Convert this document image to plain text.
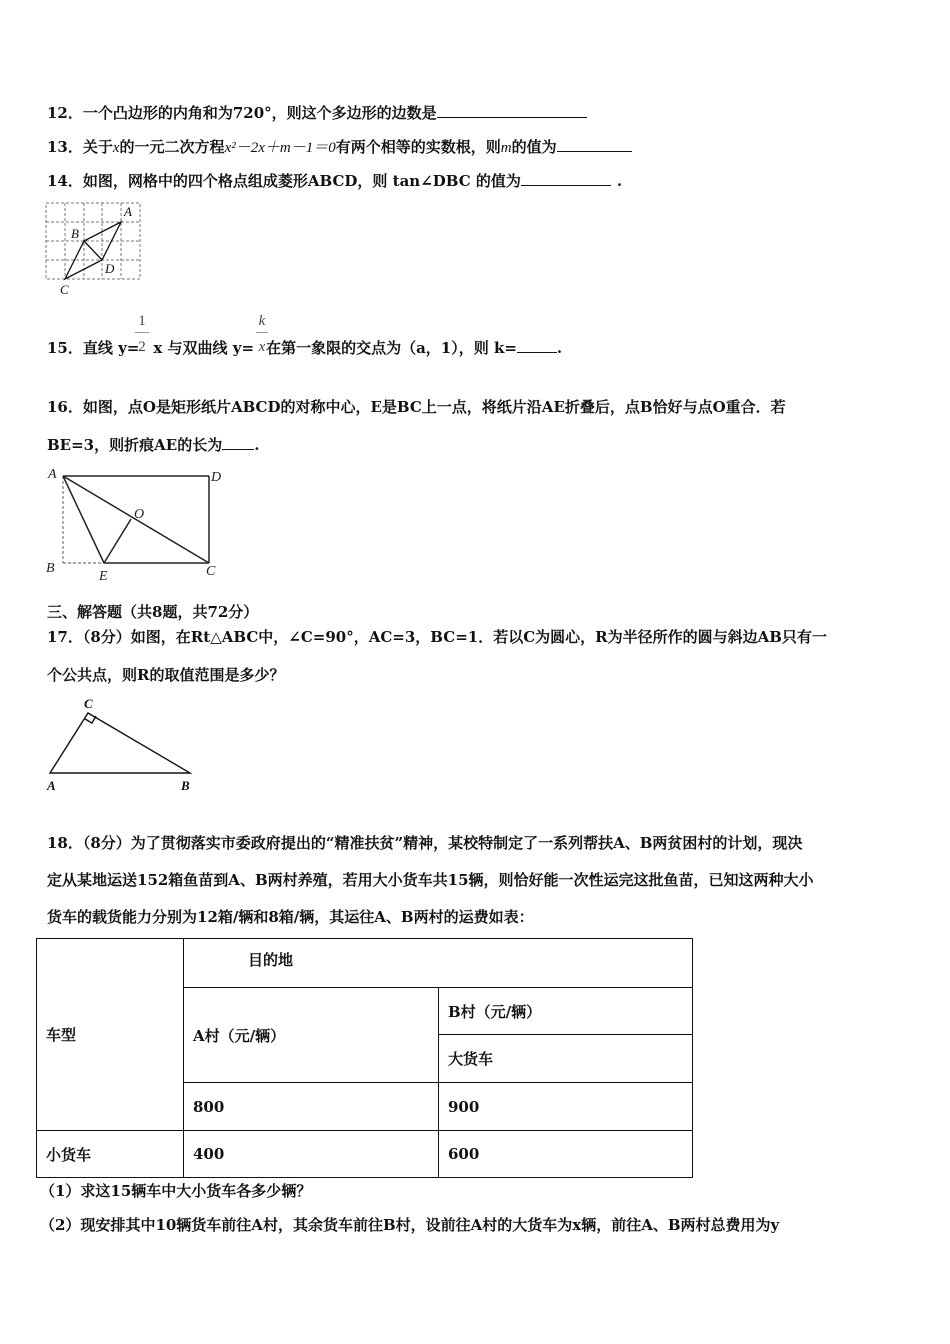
12．一个凸边形的内角和为720°，则这个多边形的边数是
13．关于x的一元二次方程x²－2x＋m－1＝0有两个相等的实数根，则m的值为
14．如图，网格中的四个格点组成菱形ABCD，则 tan∠DBC 的值为	.
A
B
C
D
15．直线 y= x 与双曲线 y= 在第一象限的交点为（a，1），则 k=	.
1
2
k
x
16．如图，点O是矩形纸片ABCD的对称中心，E是BC上一点，将纸片沿AE折叠后，点B恰好与点O重合．若
BE=3，则折痕AE的长为 .
A	D
O
B
E	C
三、解答题（共8题，共72分）
17．（8分）如图，在Rt△ABC中，∠C=90°，AC=3，BC=1．若以C为圆心，R为半径所作的圆与斜边AB只有一
个公共点，则R的取值范围是多少？
C
A	B
18．（8分）为了贯彻落实市委政府提出的“精准扶贫”精神，某校特制定了一系列帮扶A、B两贫困村的计划，现决
定从某地运送152箱鱼苗到A、B两村养殖，若用大小货车共15辆，则恰好能一次性运完这批鱼苗，已知这两种大小
货车的载货能力分别为12箱/辆和8箱/辆，其运往A、B两村的运费如表：
车型	目的地	
	A村（元/辆）	B村（元/辆）
		大货车
	800	900
小货车	400	600
（1）求这15辆车中大小货车各多少辆？
（2）现安排其中10辆货车前往A村，其余货车前往B村，设前往A村的大货车为x辆，前往A、B两村总费用为y
